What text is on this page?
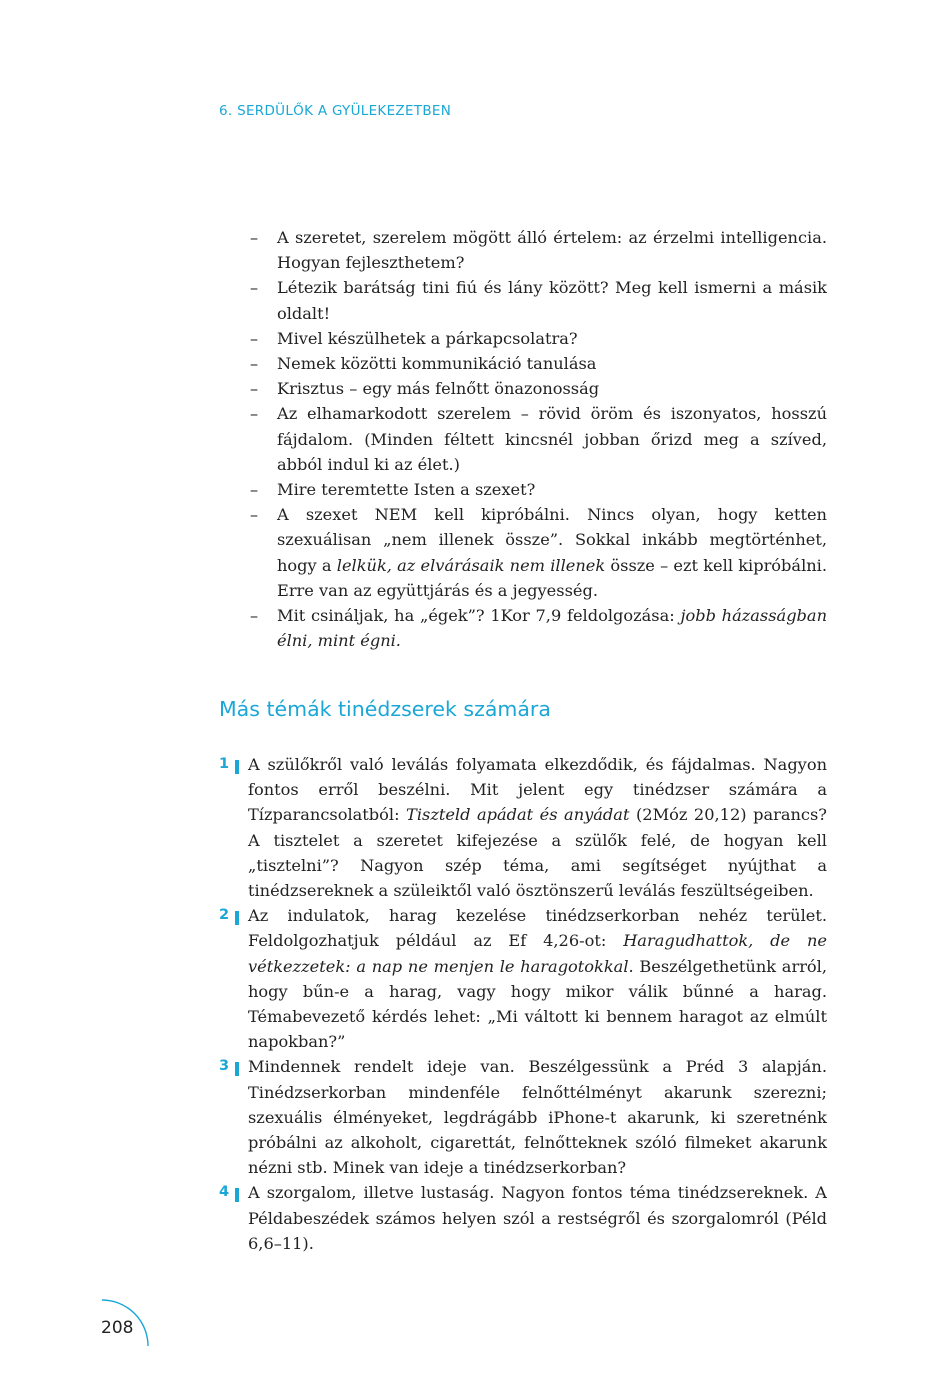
6. SERDÜLŐK A GYÜLEKEZETBEN
– A szeretet, szerelem mögött álló értelem: az érzelmi intelligencia. Hogyan fejleszthetem?
– Létezik barátság tini fiú és lány között? Meg kell ismerni a másik oldalt!
– Mivel készülhetek a párkapcsolatra?
– Nemek közötti kommunikáció tanulása
– Krisztus – egy más felnőtt önazonosság
– Az elhamarkodott szerelem – rövid öröm és iszonyatos, hosszú fájdalom. (Minden féltett kincsnél jobban őrizd meg a szíved, abból indul ki az élet.)
– Mire teremtette Isten a szexet?
– A szexet NEM kell kipróbálni. Nincs olyan, hogy ketten szexuálisan „nem illenek össze”. Sokkal inkább megtörténhet, hogy a lelkük, az elvárásaik nem illenek össze – ezt kell kipróbálni. Erre van az együttjárás és a jegyesség.
– Mit csináljak, ha „égek”? 1Kor 7,9 feldolgozása: jobb házasságban élni, mint égni.
Más témák tinédzserek számára
1 A szülőkről való leválás folyamata elkezdődik, és fájdalmas. Nagyon fontos erről beszélni. Mit jelent egy tinédzser számára a Tízparancsolatból: Tiszteld apádat és anyádat (2Móz 20,12) parancs? A tisztelet a szeretet kifejezése a szülők felé, de hogyan kell „tisztelni”? Nagyon szép téma, ami segítséget nyújthat a tinédzsereknek a szüleiktől való ösztönszerű leválás feszültségeiben.
2 Az indulatok, harag kezelése tinédzserkorban nehéz terület. Feldolgozhatjuk például az Ef 4,26-ot: Haragudhattok, de ne vétkezzetek: a nap ne menjen le haragotokkal. Beszélgethetünk arról, hogy bűn-e a harag, vagy hogy mikor válik bűnné a harag. Témabevezető kérdés lehet: „Mi váltott ki bennem haragot az elmúlt napokban?”
3 Mindennek rendelt ideje van. Beszélgessünk a Préd 3 alapján. Tinédzserkorban mindenféle felnőttélményt akarunk szerezni; szexuális élményeket, legdrágább iPhone-t akarunk, ki szeretnénk próbálni az alkoholt, cigarettát, felnőtteknek szóló filmeket akarunk nézni stb. Minek van ideje a tinédzserkorban?
4 A szorgalom, illetve lustaság. Nagyon fontos téma tinédzsereknek. A Példabeszédek számos helyen szól a restségről és szorgalomról (Péld 6,6–11).
208
